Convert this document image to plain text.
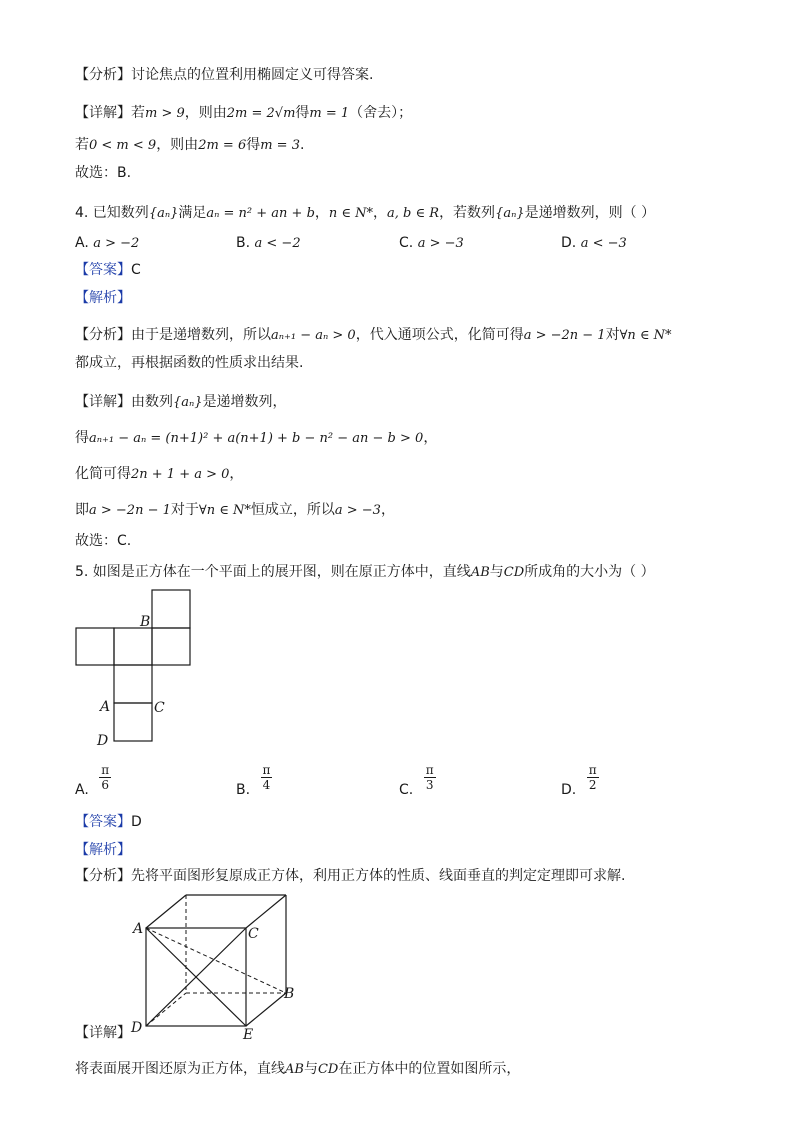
【分析】讨论焦点的位置利用椭圆定义可得答案.
【详解】若m > 9，则由2m = 2√m得m = 1（舍去）；
若0 < m < 9，则由2m = 6得m = 3.
故选：B.
4. 已知数列{aₙ}满足aₙ = n² + an + b，n ∈ N*，a, b ∈ R，若数列{aₙ}是递增数列，则（ ）
A. a > −2	B. a < −2	C. a > −3	D. a < −3
【答案】C
【解析】
【分析】由于是递增数列，所以aₙ₊₁ − aₙ > 0，代入通项公式，化简可得a > −2n − 1对∀n ∈ N*
都成立，再根据函数的性质求出结果.
【详解】由数列{aₙ}是递增数列，
得aₙ₊₁ − aₙ = (n+1)² + a(n+1) + b − n² − an − b > 0，
化简可得2n + 1 + a > 0，
即a > −2n − 1对于∀n ∈ N*恒成立，所以a > −3，
故选：C.
5. 如图是正方体在一个平面上的展开图，则在原正方体中，直线AB与CD所成角的大小为（ ）
B
A	C
D
A. $\frac{\pi}{6}$	B. $\frac{\pi}{4}$	C. $\frac{\pi}{3}$	D. $\frac{\pi}{2}$
【答案】D
【解析】
【分析】先将平面图形复原成正方体，利用正方体的性质、线面垂直的判定定理即可求解.
A	C
B
D	E
【详解】
将表面展开图还原为正方体，直线AB与CD在正方体中的位置如图所示，
